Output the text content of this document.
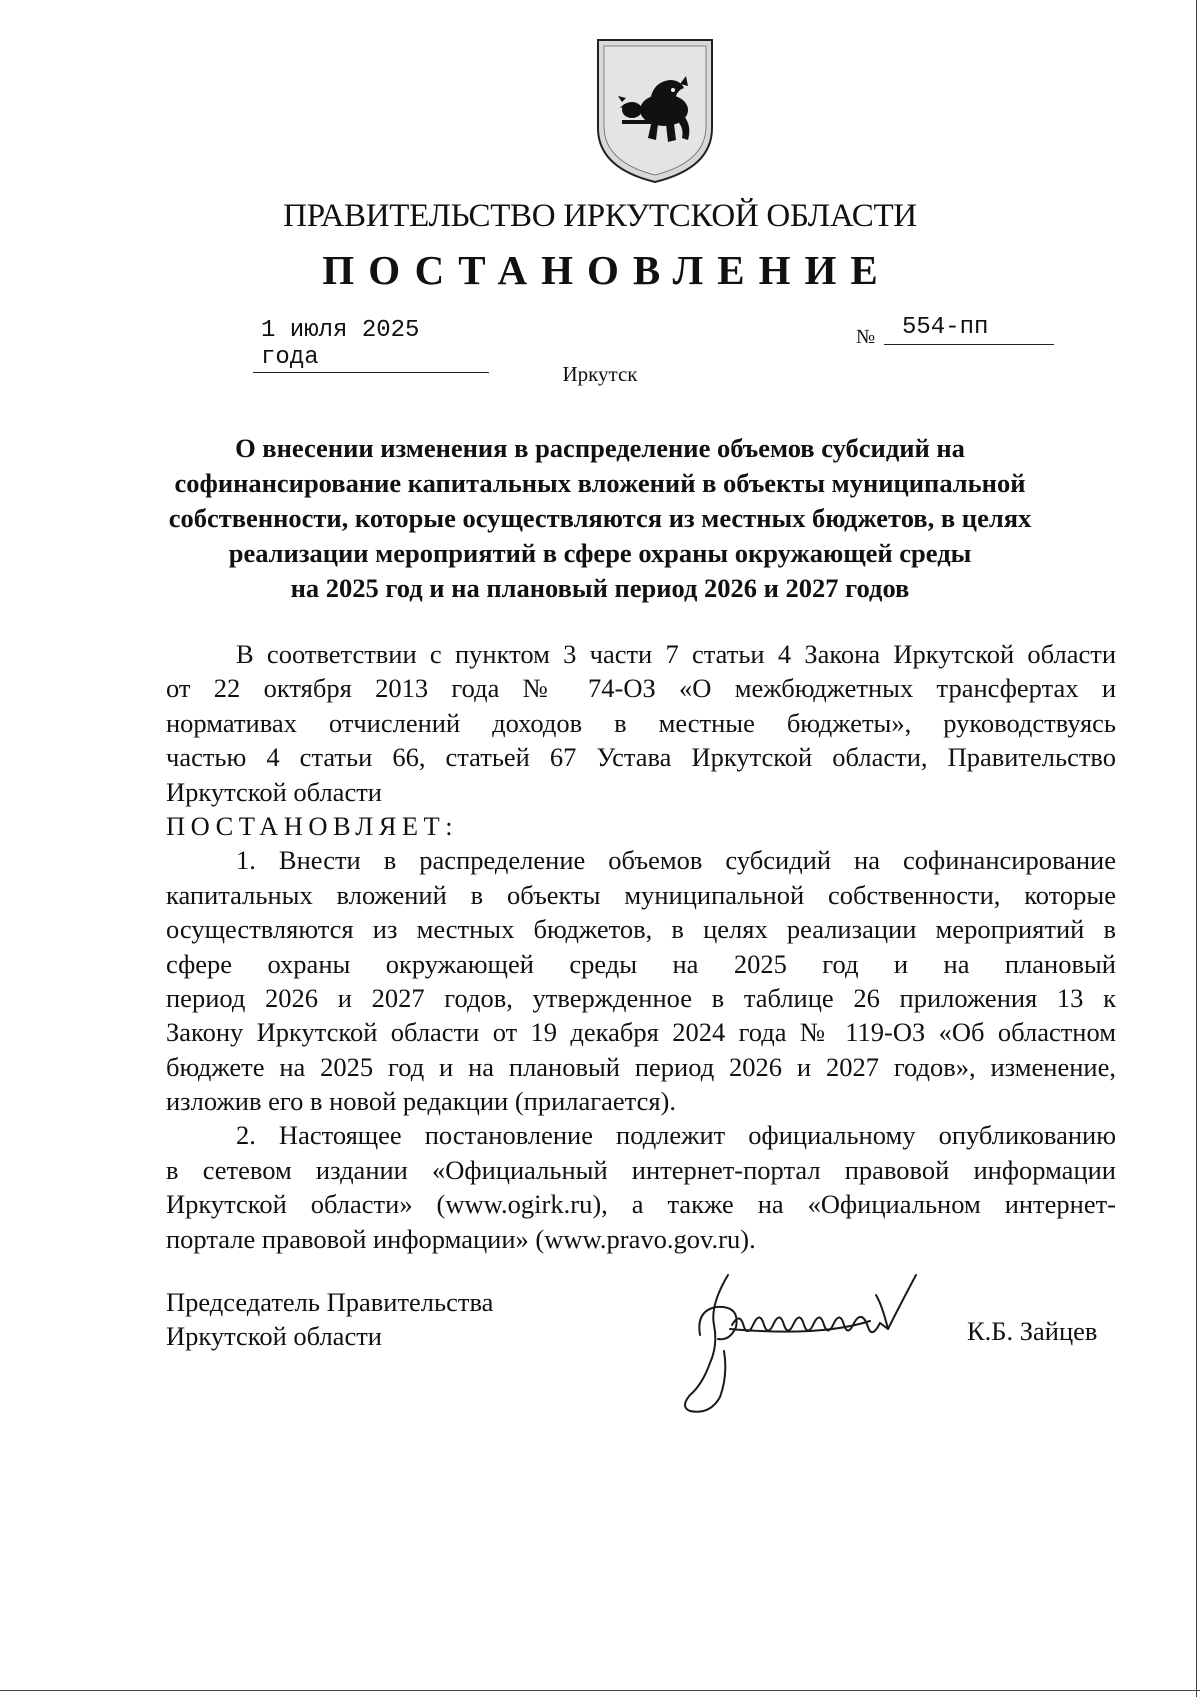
ПРАВИТЕЛЬСТВО ИРКУТСКОЙ ОБЛАСТИ
ПОСТАНОВЛЕНИЕ
1 июля 2025 года
№	554-пп
Иркутск
О внесении изменения в распределение объемов субсидий на
софинансирование капитальных вложений в объекты муниципальной
собственности, которые осуществляются из местных бюджетов, в целях
реализации мероприятий в сфере охраны окружающей среды
на 2025 год и на плановый период 2026 и 2027 годов
В соответствии с пунктом 3 части 7 статьи 4 Закона Иркутской области
от 22 октября 2013 года № 74-ОЗ «О межбюджетных трансфертах и
нормативах отчислений доходов в местные бюджеты», руководствуясь
частью 4 статьи 66, статьей 67 Устава Иркутской области, Правительство
Иркутской области
ПОСТАНОВЛЯЕТ:
1. Внести в распределение объемов субсидий на софинансирование
капитальных вложений в объекты муниципальной собственности, которые
осуществляются из местных бюджетов, в целях реализации мероприятий в
сфере охраны окружающей среды на 2025 год и на плановый
период 2026 и 2027 годов, утвержденное в таблице 26 приложения 13 к
Закону Иркутской области от 19 декабря 2024 года № 119-ОЗ «Об областном
бюджете на 2025 год и на плановый период 2026 и 2027 годов», изменение,
изложив его в новой редакции (прилагается).
2. Настоящее постановление подлежит официальному опубликованию
в сетевом издании «Официальный интернет-портал правовой информации
Иркутской области» (www.ogirk.ru), а также на «Официальном интернет-
портале правовой информации» (www.pravo.gov.ru).
Председатель Правительства
Иркутской области	К.Б. Зайцев
